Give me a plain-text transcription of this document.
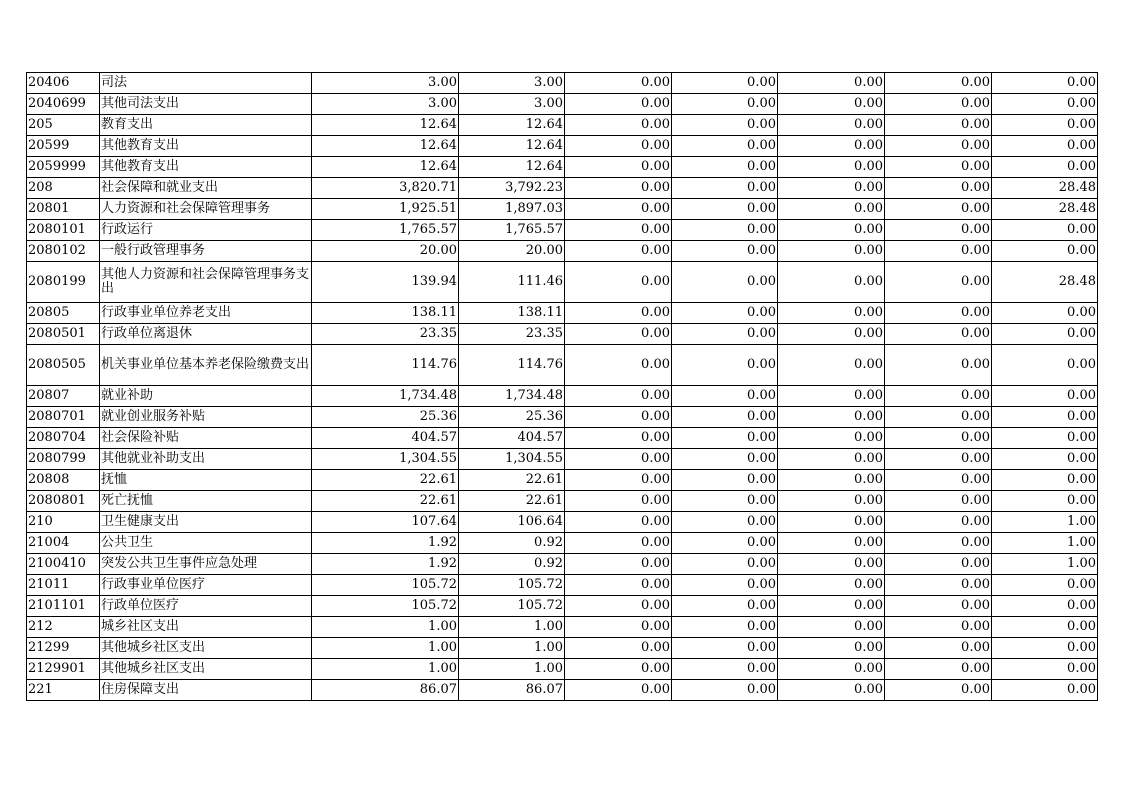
20406	司法	3.00	3.00	0.00	0.00	0.00	0.00	0.00
2040699	其他司法支出	3.00	3.00	0.00	0.00	0.00	0.00	0.00
205	教育支出	12.64	12.64	0.00	0.00	0.00	0.00	0.00
20599	其他教育支出	12.64	12.64	0.00	0.00	0.00	0.00	0.00
2059999	其他教育支出	12.64	12.64	0.00	0.00	0.00	0.00	0.00
208	社会保障和就业支出	3,820.71	3,792.23	0.00	0.00	0.00	0.00	28.48
20801	人力资源和社会保障管理事务	1,925.51	1,897.03	0.00	0.00	0.00	0.00	28.48
2080101	行政运行	1,765.57	1,765.57	0.00	0.00	0.00	0.00	0.00
2080102	一般行政管理事务	20.00	20.00	0.00	0.00	0.00	0.00	0.00
2080199	其他人力资源和社会保障管理事务支出	139.94	111.46	0.00	0.00	0.00	0.00	28.48
20805	行政事业单位养老支出	138.11	138.11	0.00	0.00	0.00	0.00	0.00
2080501	行政单位离退休	23.35	23.35	0.00	0.00	0.00	0.00	0.00
2080505	机关事业单位基本养老保险缴费支出	114.76	114.76	0.00	0.00	0.00	0.00	0.00
20807	就业补助	1,734.48	1,734.48	0.00	0.00	0.00	0.00	0.00
2080701	就业创业服务补贴	25.36	25.36	0.00	0.00	0.00	0.00	0.00
2080704	社会保险补贴	404.57	404.57	0.00	0.00	0.00	0.00	0.00
2080799	其他就业补助支出	1,304.55	1,304.55	0.00	0.00	0.00	0.00	0.00
20808	抚恤	22.61	22.61	0.00	0.00	0.00	0.00	0.00
2080801	死亡抚恤	22.61	22.61	0.00	0.00	0.00	0.00	0.00
210	卫生健康支出	107.64	106.64	0.00	0.00	0.00	0.00	1.00
21004	公共卫生	1.92	0.92	0.00	0.00	0.00	0.00	1.00
2100410	突发公共卫生事件应急处理	1.92	0.92	0.00	0.00	0.00	0.00	1.00
21011	行政事业单位医疗	105.72	105.72	0.00	0.00	0.00	0.00	0.00
2101101	行政单位医疗	105.72	105.72	0.00	0.00	0.00	0.00	0.00
212	城乡社区支出	1.00	1.00	0.00	0.00	0.00	0.00	0.00
21299	其他城乡社区支出	1.00	1.00	0.00	0.00	0.00	0.00	0.00
2129901	其他城乡社区支出	1.00	1.00	0.00	0.00	0.00	0.00	0.00
221	住房保障支出	86.07	86.07	0.00	0.00	0.00	0.00	0.00
